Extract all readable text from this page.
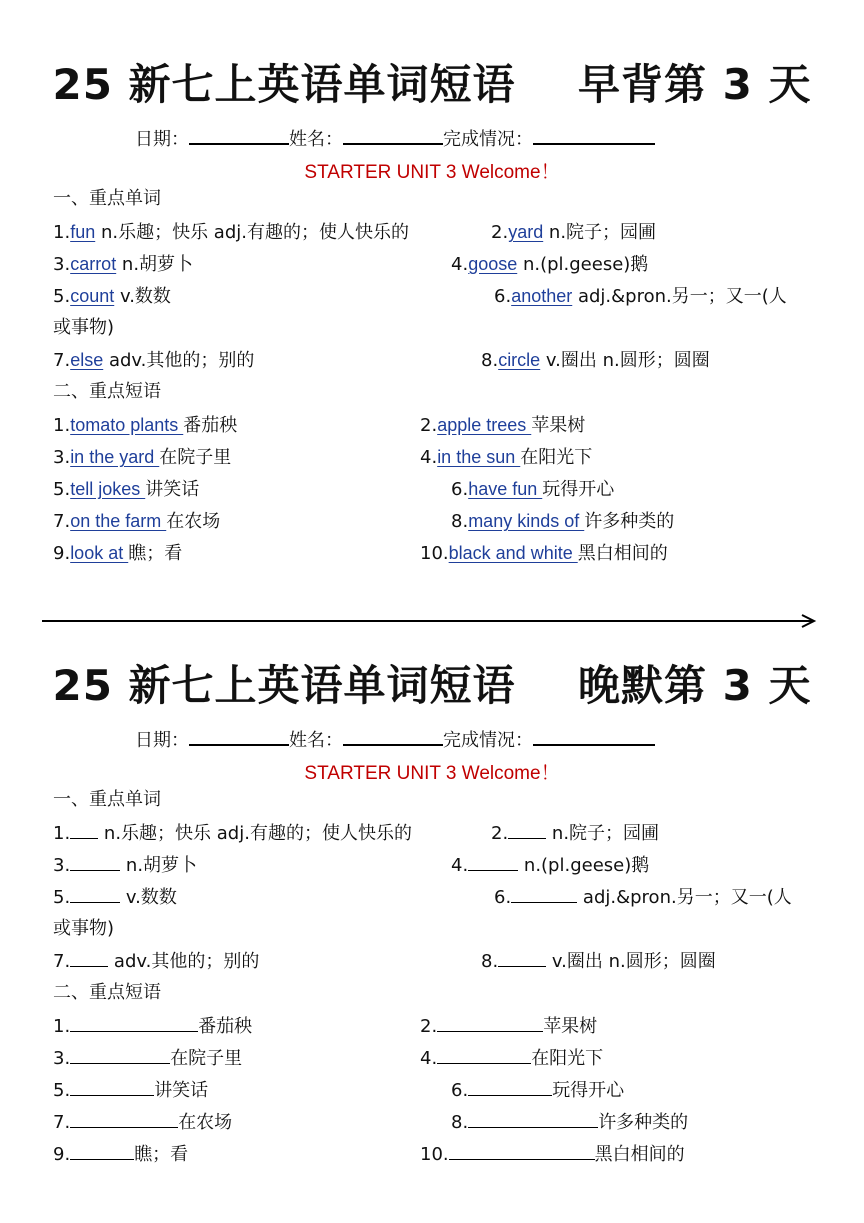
25 新七上英语单词短语    早背第 3 天
日期：	姓名：	完成情况：
STARTER UNIT 3 Welcome！
一、重点单词
1.fun n.乐趣；快乐 adj.有趣的；使人快乐的	2.yard n.院子；园圃
3.carrot n.胡萝卜	4.goose n.(pl.geese)鹅
5.count v.数数	6.another adj.&pron.另一；又一(人
或事物)
7.else adv.其他的；别的	8.circle v.圈出 n.圆形；圆圈
二、重点短语
1.tomato plants 番茄秧	2.apple trees 苹果树
3.in the yard 在院子里	4.in the sun 在阳光下
5.tell jokes 讲笑话	6.have fun 玩得开心
7.on the farm 在农场	8.many kinds of 许多种类的
9.look at 瞧；看	10.black and white 黑白相间的
25 新七上英语单词短语    晚默第 3 天
日期：	姓名：	完成情况：
STARTER UNIT 3 Welcome！
一、重点单词
1. n.乐趣；快乐 adj.有趣的；使人快乐的	2. n.院子；园圃
3.	n.胡萝卜	4.	n.(pl.geese)鹅
5.	v.数数	6.	adj.&pron.另一；又一(人
或事物)
7. adv.其他的；别的	8.	v.圈出 n.圆形；圆圈
二、重点短语
1.	番茄秧	2.	苹果树
3.	在院子里	4.	在阳光下
5.	讲笑话	6.	玩得开心
7.	在农场	8.	许多种类的
9.	瞧；看	10.	黑白相间的
